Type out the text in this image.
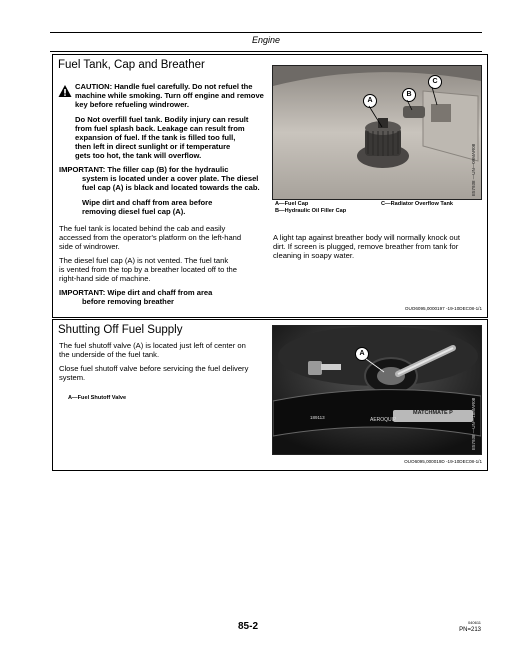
Engine
Fuel Tank, Cap and Breather
CAUTION: Handle fuel carefully. Do not refuel the machine while smoking. Turn off engine and remove key before refueling windrower.
Do Not overfill fuel tank. Bodily injury can result
from fuel splash back. Leakage can result from
expansion of fuel. If the tank is filled too full,
then left in direct sunlight or if temperature
gets too hot, the tank will overflow.
IMPORTANT: The filler cap (B) for the hydraulic
system is located under a cover plate. The diesel
fuel cap (A) is black and located towards the cab.
Wipe dirt and chaff from area before
removing diesel fuel cap (A).
The fuel tank is located behind the cab and easily
accessed from the operator's platform on the left-hand
side of windrower.
The diesel fuel cap (A) is not vented. The fuel tank
is vented from the top by a breather located off to the
right-hand side of machine.
IMPORTANT: Wipe dirt and chaff from area
before removing breather
A
B
C
E57938 —UN—09MAR08
A—Fuel Cap
B—Hydraulic Oil Filler Cap
C—Radiator Overflow Tank
A light tap against breather body will normally knock out
dirt. If screen is plugged, remove breather from tank for
cleaning in soapy water.
OUO6095,0000197 -19-10DEC08-1/1
Shutting Off Fuel Supply
The fuel shutoff valve (A) is located just left of center on
the underside of the fuel tank.
Close fuel shutoff valve before servicing the fuel delivery
system.
A—Fuel Shutoff Valve
189113	AEROQUIP
MATCHMATE P
A
E57938 —UN—18MAR08
OUO6095,000019D -19-10DEC08-1/1
85-2	040611
PN=213
